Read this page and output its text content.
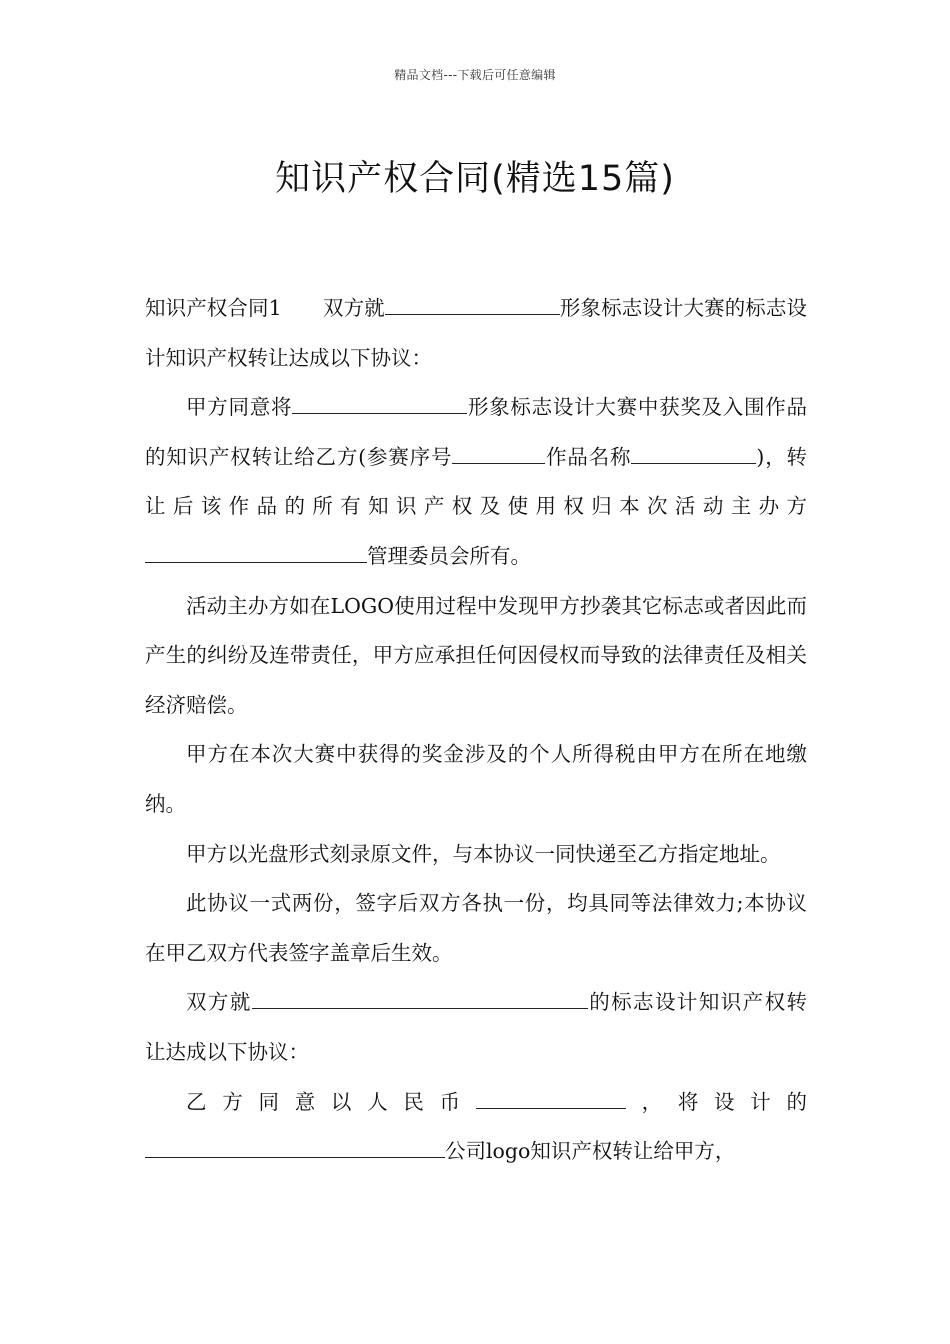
精品文档---下载后可任意编辑
知识产权合同(精选15篇)

知识产权合同1　　双方就	形象标志设计大赛的标志设计知识产权转让达成以下协议：

甲方同意将	形象标志设计大赛中获奖及入围作品的知识产权转让给乙方(参赛序号	作品名称	)，转让后该作品的所有知识产权及使用权归本次活动主办方管理委员会所有。

活动主办方如在LOGO使用过程中发现甲方抄袭其它标志或者因此而产生的纠纷及连带责任，甲方应承担任何因侵权而导致的法律责任及相关经济赔偿。

甲方在本次大赛中获得的奖金涉及的个人所得税由甲方在所在地缴纳。

甲方以光盘形式刻录原文件，与本协议一同快递至乙方指定地址。

此协议一式两份，签字后双方各执一份，均具同等法律效力;本协议在甲乙双方代表签字盖章后生效。

双方就	的标志设计知识产权转让达成以下协议：

乙方同意以人民币	，将设计的公司logo知识产权转让给甲方，
